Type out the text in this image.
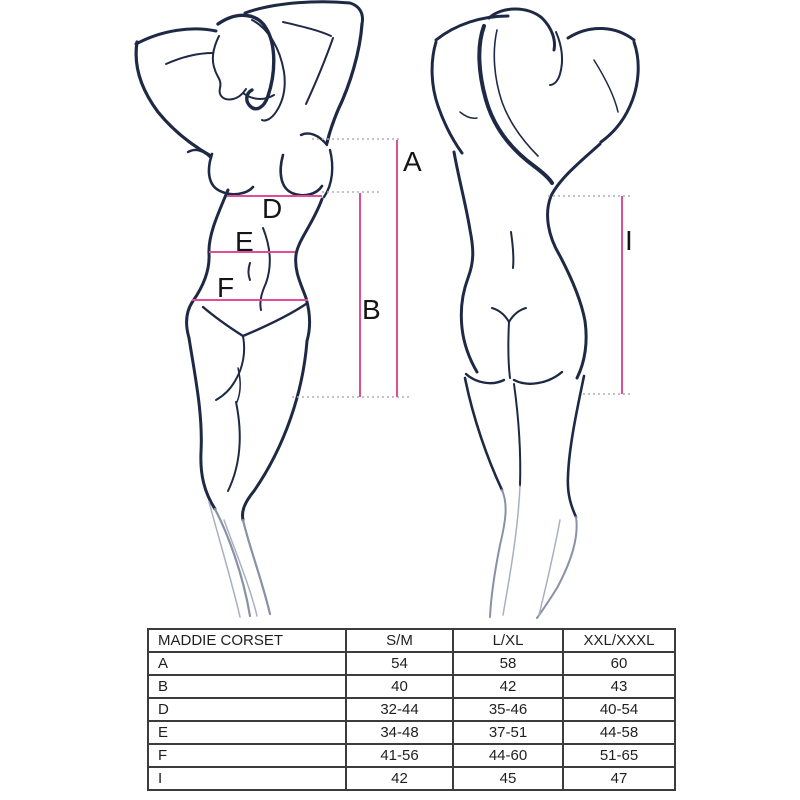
A
B
D
E
F
I
MADDIE CORSET	S/M	L/XL	XXL/XXXL
A	54	58	60
B	40	42	43
D	32-44	35-46	40-54
E	34-48	37-51	44-58
F	41-56	44-60	51-65
I	42	45	47
